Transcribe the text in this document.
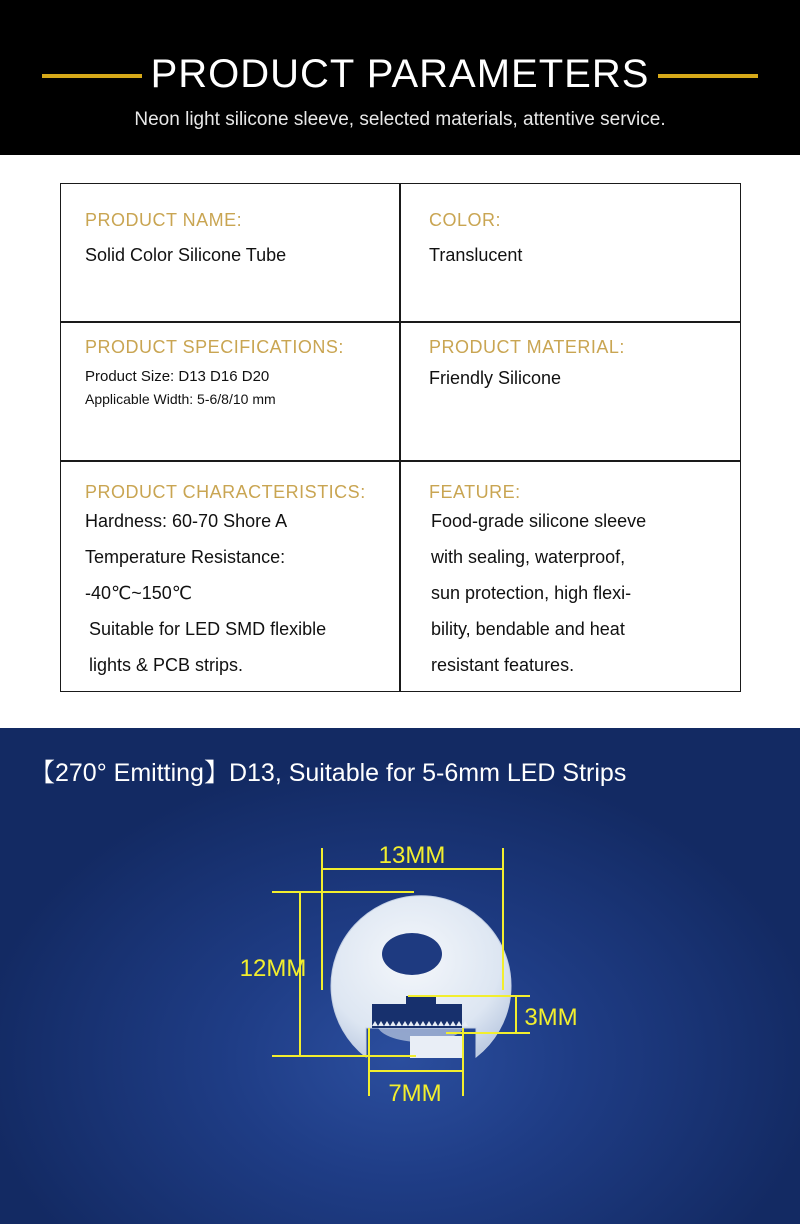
PRODUCT PARAMETERS
Neon light silicone sleeve, selected materials, attentive service.
PRODUCT NAME:
Solid Color Silicone Tube
COLOR:
Translucent
PRODUCT SPECIFICATIONS:
Product Size: D13 D16 D20
Applicable Width: 5-6/8/10 mm
PRODUCT MATERIAL:
Friendly Silicone
PRODUCT CHARACTERISTICS:
Hardness: 60-70 Shore A
Temperature Resistance:
-40℃~150℃
Suitable for LED SMD flexible
lights & PCB strips.
FEATURE:
Food-grade silicone sleeve
with sealing, waterproof,
sun protection, high flexi-
bility, bendable and heat
resistant features.
【270° Emitting】D13, Suitable for 5-6mm LED Strips
13MM
12MM
3MM
7MM
